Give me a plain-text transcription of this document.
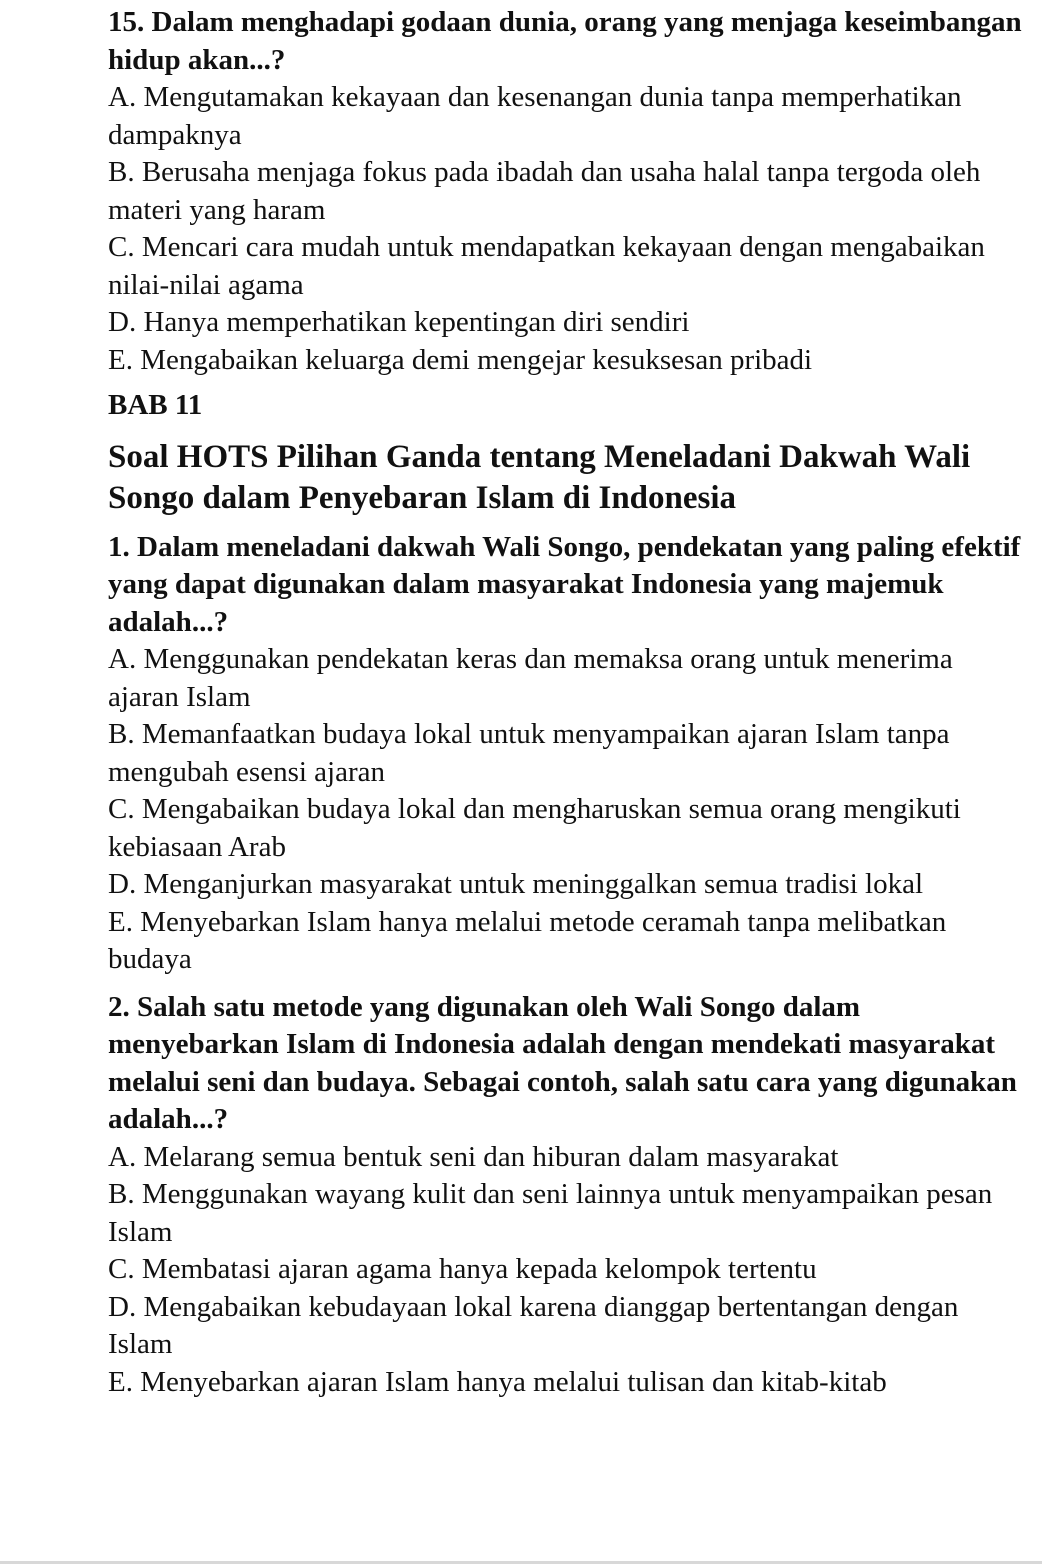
15. Dalam menghadapi godaan dunia, orang yang menjaga keseimbangan hidup akan...?

A. Mengutamakan kekayaan dan kesenangan dunia tanpa memperhatikan dampaknya

B. Berusaha menjaga fokus pada ibadah dan usaha halal tanpa tergoda oleh materi yang haram

C. Mencari cara mudah untuk mendapatkan kekayaan dengan mengabaikan nilai-nilai agama

D. Hanya memperhatikan kepentingan diri sendiri

E. Mengabaikan keluarga demi mengejar kesuksesan pribadi

BAB 11

Soal HOTS Pilihan Ganda tentang Meneladani Dakwah Wali Songo dalam Penyebaran Islam di Indonesia

1. Dalam meneladani dakwah Wali Songo, pendekatan yang paling efektif yang dapat digunakan dalam masyarakat Indonesia yang majemuk adalah...?

A. Menggunakan pendekatan keras dan memaksa orang untuk menerima ajaran Islam

B. Memanfaatkan budaya lokal untuk menyampaikan ajaran Islam tanpa mengubah esensi ajaran

C. Mengabaikan budaya lokal dan mengharuskan semua orang mengikuti kebiasaan Arab

D. Menganjurkan masyarakat untuk meninggalkan semua tradisi lokal

E. Menyebarkan Islam hanya melalui metode ceramah tanpa melibatkan budaya

2. Salah satu metode yang digunakan oleh Wali Songo dalam menyebarkan Islam di Indonesia adalah dengan mendekati masyarakat melalui seni dan budaya. Sebagai contoh, salah satu cara yang digunakan adalah...?

A. Melarang semua bentuk seni dan hiburan dalam masyarakat

B. Menggunakan wayang kulit dan seni lainnya untuk menyampaikan pesan Islam

C. Membatasi ajaran agama hanya kepada kelompok tertentu

D. Mengabaikan kebudayaan lokal karena dianggap bertentangan dengan Islam

E. Menyebarkan ajaran Islam hanya melalui tulisan dan kitab-kitab
